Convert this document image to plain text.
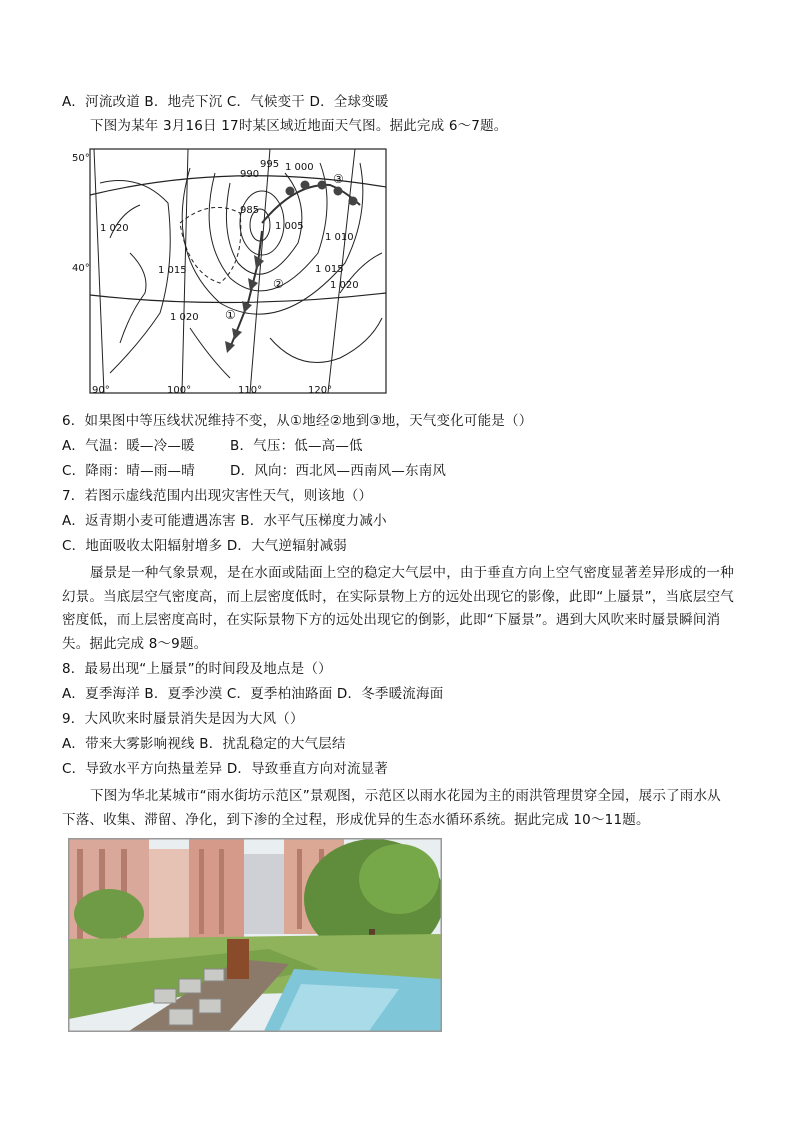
A．河流改道 B．地壳下沉 C．气候变干 D．全球变暖
下图为某年 3月16日 17时某区域近地面天气图。据此完成 6～7题。
50°
40°
90°	100°	110°	120°
995 1 000
990
985
1 020	1 005
1 010
1 015	1 015
1 020
1 020
③
②
①
6．如果图中等压线状况维持不变，从①地经②地到③地，天气变化可能是（）
A．气温：暖—冷—暖	B．气压：低—高—低
C．降雨：晴—雨—晴	D．风向：西北风—西南风—东南风
7．若图示虚线范围内出现灾害性天气，则该地（）
A．返青期小麦可能遭遇冻害 B．水平气压梯度力减小
C．地面吸收太阳辐射增多 D．大气逆辐射减弱
蜃景是一种气象景观，是在水面或陆面上空的稳定大气层中，由于垂直方向上空气密度显著差异形成的一种幻景。当底层空气密度高，而上层密度低时，在实际景物上方的远处出现它的影像，此即“上蜃景”，当底层空气密度低，而上层密度高时，在实际景物下方的远处出现它的倒影，此即“下蜃景”。遇到大风吹来时蜃景瞬间消失。据此完成 8～9题。
8．最易出现“上蜃景”的时间段及地点是（）
A．夏季海洋 B．夏季沙漠 C．夏季柏油路面 D．冬季暖流海面
9．大风吹来时蜃景消失是因为大风（）
A．带来大雾影响视线 B．扰乱稳定的大气层结
C．导致水平方向热量差异 D．导致垂直方向对流显著
下图为华北某城市“雨水街坊示范区”景观图，示范区以雨水花园为主的雨洪管理贯穿全园，展示了雨水从下落、收集、滞留、净化，到下渗的全过程，形成优异的生态水循环系统。据此完成 10～11题。
